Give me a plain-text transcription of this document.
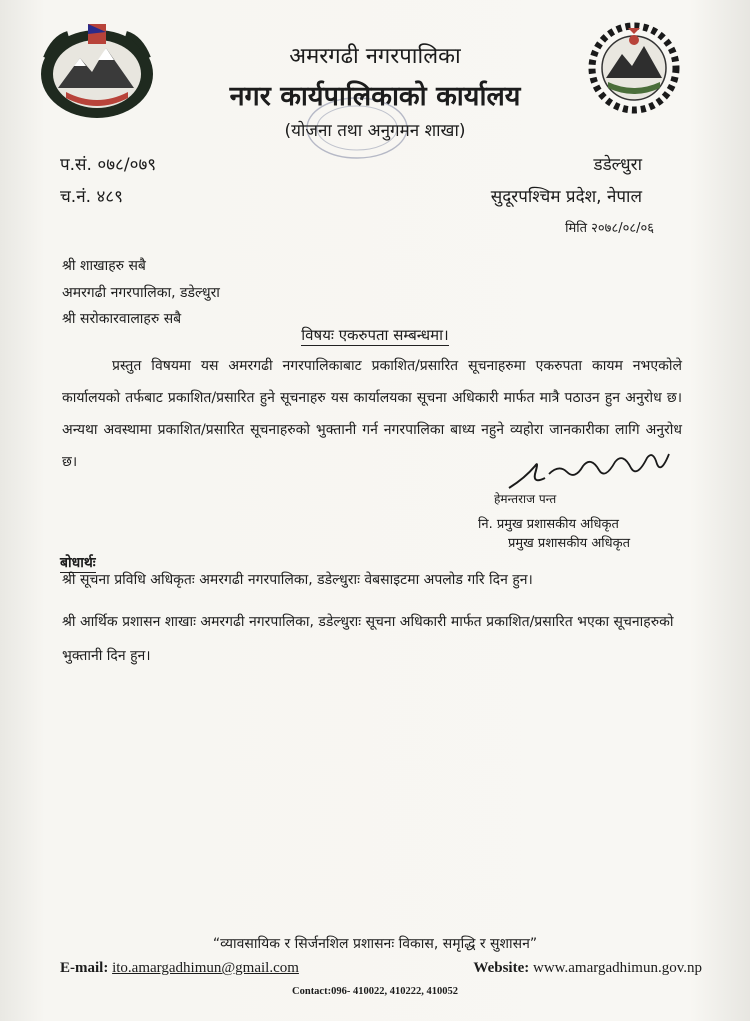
अमरगढी नगरपालिका
नगर कार्यपालिकाको कार्यालय
(योजना तथा अनुगमन शाखा)
प.सं. ०७८/०७९
च.नं. ४८९
डडेल्धुरा
सुदूरपश्चिम प्रदेश, नेपाल
मिति २०७८/०८/०६
श्री शाखाहरु सबै
अमरगढी नगरपालिका, डडेल्धुरा
श्री सरोकारवालाहरु सबै
विषयः एकरुपता सम्बन्धमा।
प्रस्तुत विषयमा यस अमरगढी नगरपालिकाबाट प्रकाशित/प्रसारित सूचनाहरुमा एकरुपता कायम नभएकोले कार्यालयको तर्फबाट प्रकाशित/प्रसारित हुने सूचनाहरु यस कार्यालयका सूचना अधिकारी मार्फत मात्रै पठाउन हुन अनुरोध छ। अन्यथा अवस्थामा प्रकाशित/प्रसारित सूचनाहरुको भुक्तानी गर्न नगरपालिका बाध्य नहुने व्यहोरा जानकारीका लागि अनुरोध छ।
हेमन्तराज पन्त
नि. प्रमुख प्रशासकीय अधिकृत
प्रमुख प्रशासकीय अधिकृत
बोधार्थः
श्री सूचना प्रविधि अधिकृतः अमरगढी नगरपालिका, डडेल्धुराः वेबसाइटमा अपलोड गरि दिन हुन।
श्री आर्थिक प्रशासन शाखाः अमरगढी नगरपालिका, डडेल्धुराः सूचना अधिकारी मार्फत प्रकाशित/प्रसारित भएका सूचनाहरुको भुक्तानी दिन हुन।
“व्यावसायिक र सिर्जनशिल प्रशासनः विकास, समृद्धि र सुशासन”
E-mail: ito.amargadhimun@gmail.com	Website: www.amargadhimun.gov.np
Contact:096- 410022, 410222, 410052
